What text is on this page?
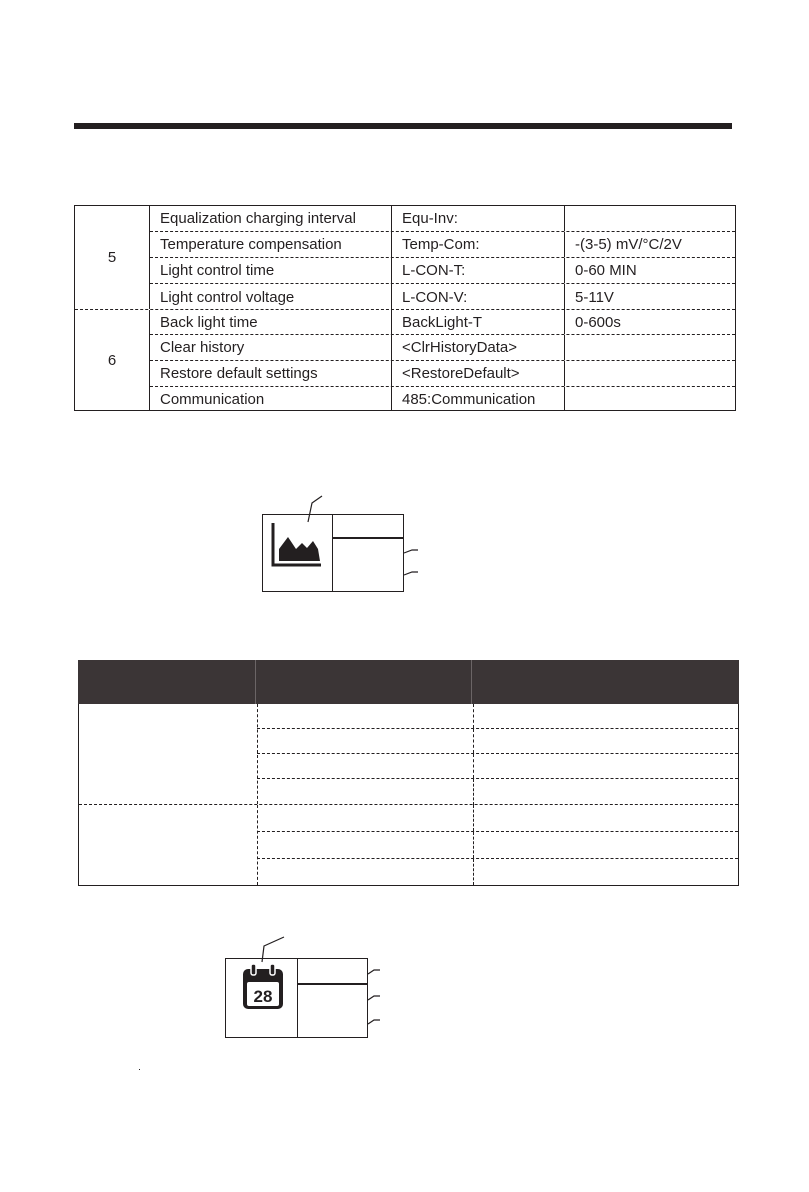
5
Equalization charging interval	Equ-Inv:
Temperature compensation	Temp-Com:	-(3-5) mV/°C/2V
Light control time	L-CON-T:	0-60 MIN
Light control voltage	L-CON-V:	5-11V
6
Back light time	BackLight-T	0-600s
Clear history	<ClrHistoryData>
Restore default settings	<RestoreDefault>
Communication	485:Communication
28
